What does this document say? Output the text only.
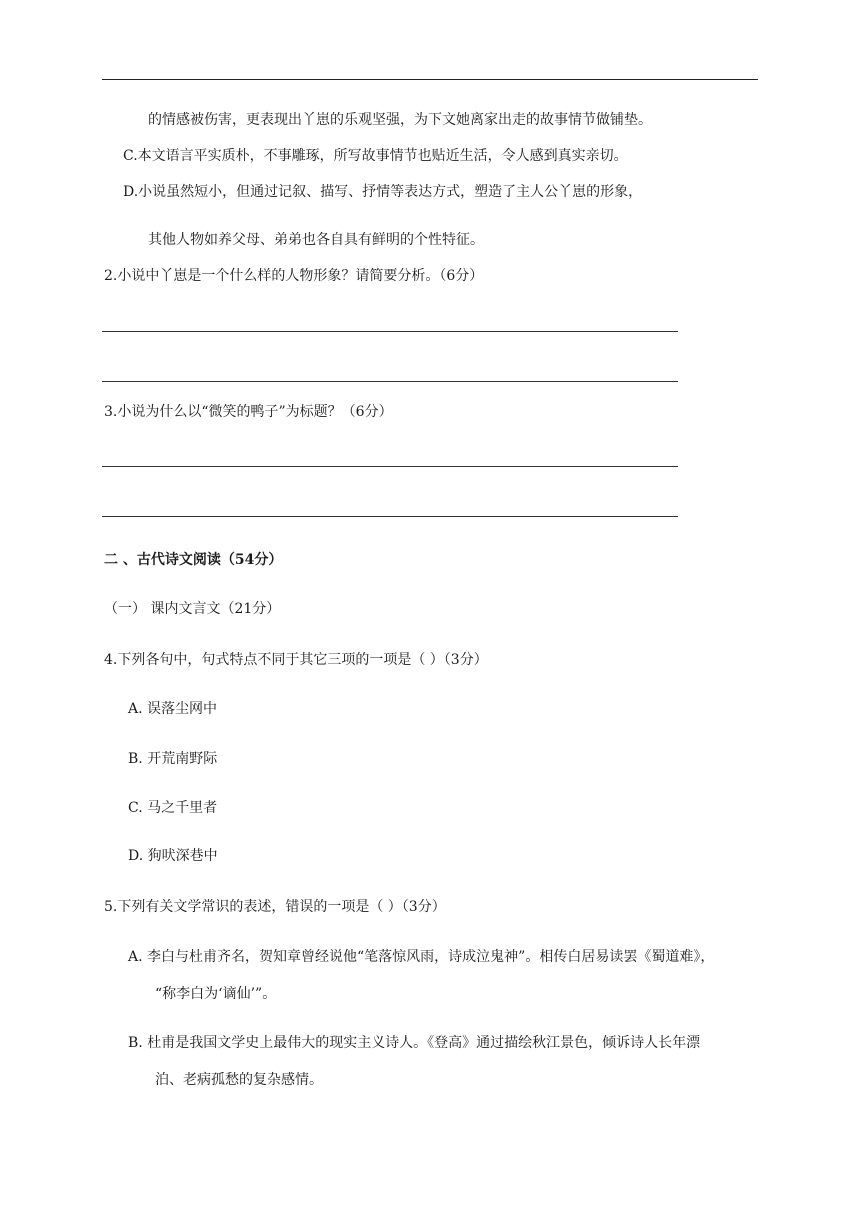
的情感被伤害，更表现出丫崽的乐观坚强，为下文她离家出走的故事情节做铺垫。
C.本文语言平实质朴，不事雕琢，所写故事情节也贴近生活，令人感到真实亲切。
D.小说虽然短小，但通过记叙、描写、抒情等表达方式，塑造了主人公丫崽的形象，
其他人物如养父母、弟弟也各自具有鲜明的个性特征。
2.小说中丫崽是一个什么样的人物形象？请简要分析。（6分）
3.小说为什么以“微笑的鸭子”为标题？（6分）
二 、古代诗文阅读（54分）
（一） 课内文言文（21分）
4.下列各句中，句式特点不同于其它三项的一项是（ ）（3分）
A. 误落尘网中
B. 开荒南野际
C. 马之千里者
D. 狗吠深巷中
5.下列有关文学常识的表述，错误的一项是（ ）（3分）
A. 李白与杜甫齐名，贺知章曾经说他“笔落惊风雨，诗成泣鬼神”。相传白居易读罢《蜀道难》，
“称李白为‘谪仙’”。
B. 杜甫是我国文学史上最伟大的现实主义诗人。《登高》通过描绘秋江景色，倾诉诗人长年漂
泊、老病孤愁的复杂感情。
